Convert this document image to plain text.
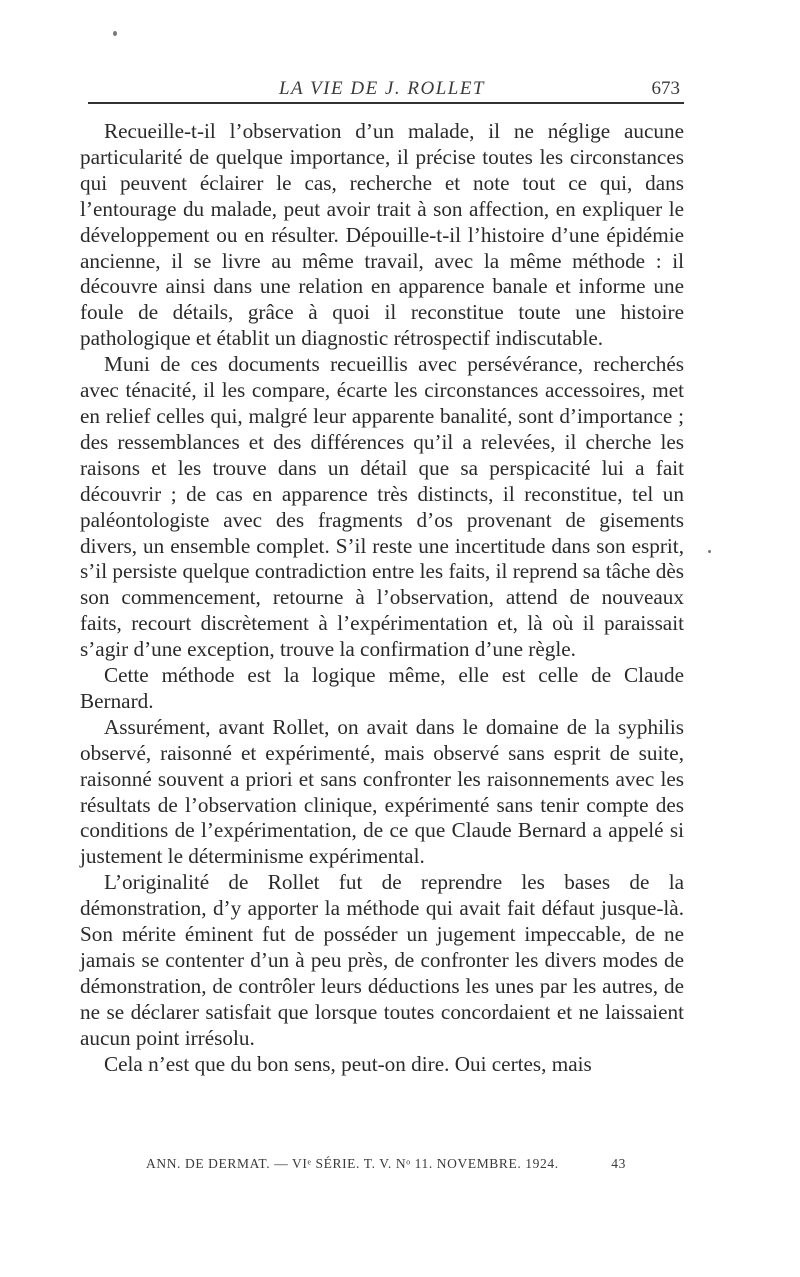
LA VIE DE J. ROLLET	673

Recueille-t-il l’observation d’un malade, il ne néglige aucune particularité de quelque importance, il précise toutes les circonstances qui peuvent éclairer le cas, recherche et note tout ce qui, dans l’entourage du malade, peut avoir trait à son affection, en expliquer le développement ou en résulter. Dépouille-t-il l’histoire d’une épidémie ancienne, il se livre au même travail, avec la même méthode : il découvre ainsi dans une relation en apparence banale et informe une foule de détails, grâce à quoi il reconstitue toute une histoire pathologique et établit un diagnostic rétrospectif indiscutable.

Muni de ces documents recueillis avec persévérance, recherchés avec ténacité, il les compare, écarte les circonstances accessoires, met en relief celles qui, malgré leur apparente banalité, sont d’importance ; des ressemblances et des différences qu’il a relevées, il cherche les raisons et les trouve dans un détail que sa perspicacité lui a fait découvrir ; de cas en apparence très distincts, il reconstitue, tel un paléontologiste avec des fragments d’os provenant de gisements divers, un ensemble complet. S’il reste une incertitude dans son esprit, s’il persiste quelque contradiction entre les faits, il reprend sa tâche dès son commencement, retourne à l’observation, attend de nouveaux faits, recourt discrètement à l’expérimentation et, là où il paraissait s’agir d’une exception, trouve la confirmation d’une règle.

Cette méthode est la logique même, elle est celle de Claude Bernard.

Assurément, avant Rollet, on avait dans le domaine de la syphilis observé, raisonné et expérimenté, mais observé sans esprit de suite, raisonné souvent a priori et sans confronter les raisonnements avec les résultats de l’observation clinique, expérimenté sans tenir compte des conditions de l’expérimentation, de ce que Claude Bernard a appelé si justement le déterminisme expérimental.

L’originalité de Rollet fut de reprendre les bases de la démonstration, d’y apporter la méthode qui avait fait défaut jusque-là. Son mérite éminent fut de posséder un jugement impeccable, de ne jamais se contenter d’un à peu près, de confronter les divers modes de démonstration, de contrôler leurs déductions les unes par les autres, de ne se déclarer satisfait que lorsque toutes concordaient et ne laissaient aucun point irrésolu.

Cela n’est que du bon sens, peut-on dire. Oui certes, mais

ANN. DE DERMAT. — VIᵉ SÉRIE. T. V. Nᵒ 11. NOVEMBRE. 1924.	43
